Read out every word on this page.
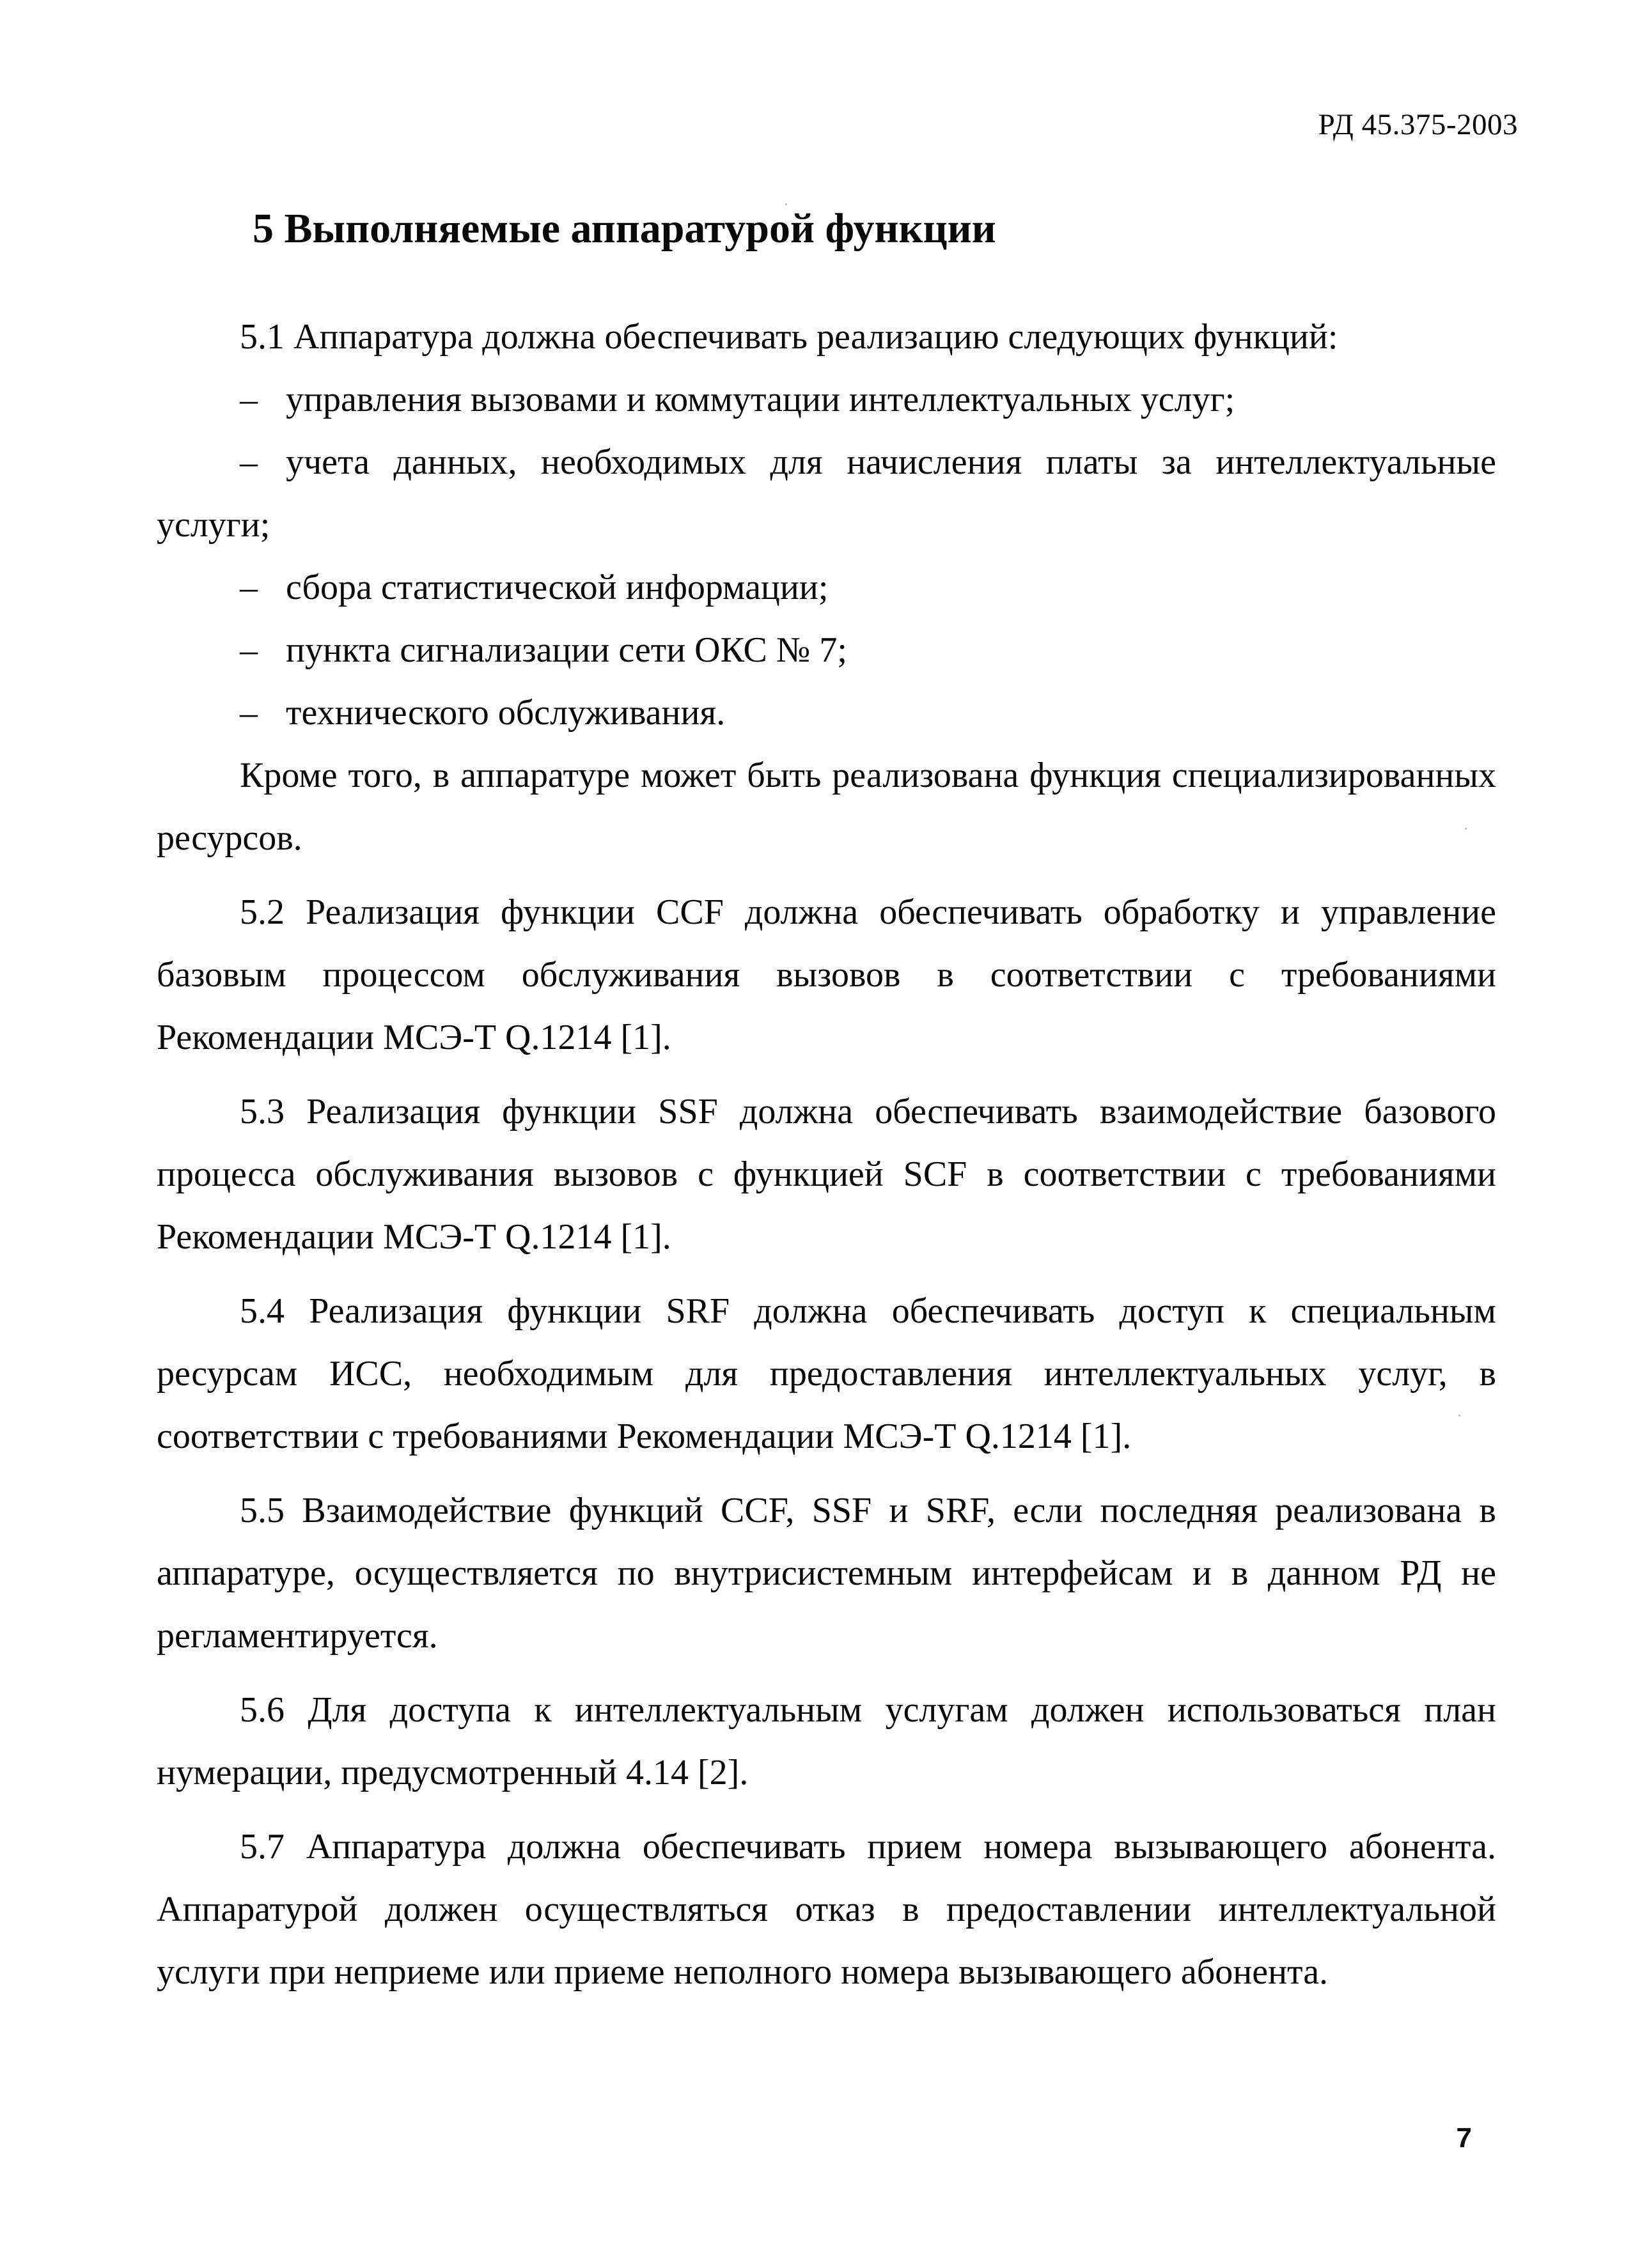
РД 45.375-2003
5 Выполняемые аппаратурой функции

5.1 Аппаратура должна обеспечивать реализацию следующих функций:

– управления вызовами и коммутации интеллектуальных услуг;

– учета данных, необходимых для начисления платы за интеллектуальные услуги;

– сбора статистической информации;

– пункта сигнализации сети ОКС № 7;

– технического обслуживания.

Кроме того, в аппаратуре может быть реализована функция специализированных ресурсов.

5.2 Реализация функции CCF должна обеспечивать обработку и управление базовым процессом обслуживания вызовов в соответствии с требованиями Рекомендации МСЭ-Т Q.1214 [1].

5.3 Реализация функции SSF должна обеспечивать взаимодействие базового процесса обслуживания вызовов с функцией SCF в соответствии с требованиями Рекомендации МСЭ-Т Q.1214 [1].

5.4 Реализация функции SRF должна обеспечивать доступ к специальным ресурсам ИСС, необходимым для предоставления интеллектуальных услуг, в соответствии с требованиями Рекомендации МСЭ-Т Q.1214 [1].

5.5 Взаимодействие функций CCF, SSF и SRF, если последняя реализована в аппаратуре, осуществляется по внутрисистемным интерфейсам и в данном РД не регламентируется.

5.6 Для доступа к интеллектуальным услугам должен использоваться план нумерации, предусмотренный 4.14 [2].

5.7 Аппаратура должна обеспечивать прием номера вызывающего абонента. Аппаратурой должен осуществляться отказ в предоставлении интеллектуальной услуги при неприеме или приеме неполного номера вызывающего абонента.

7
